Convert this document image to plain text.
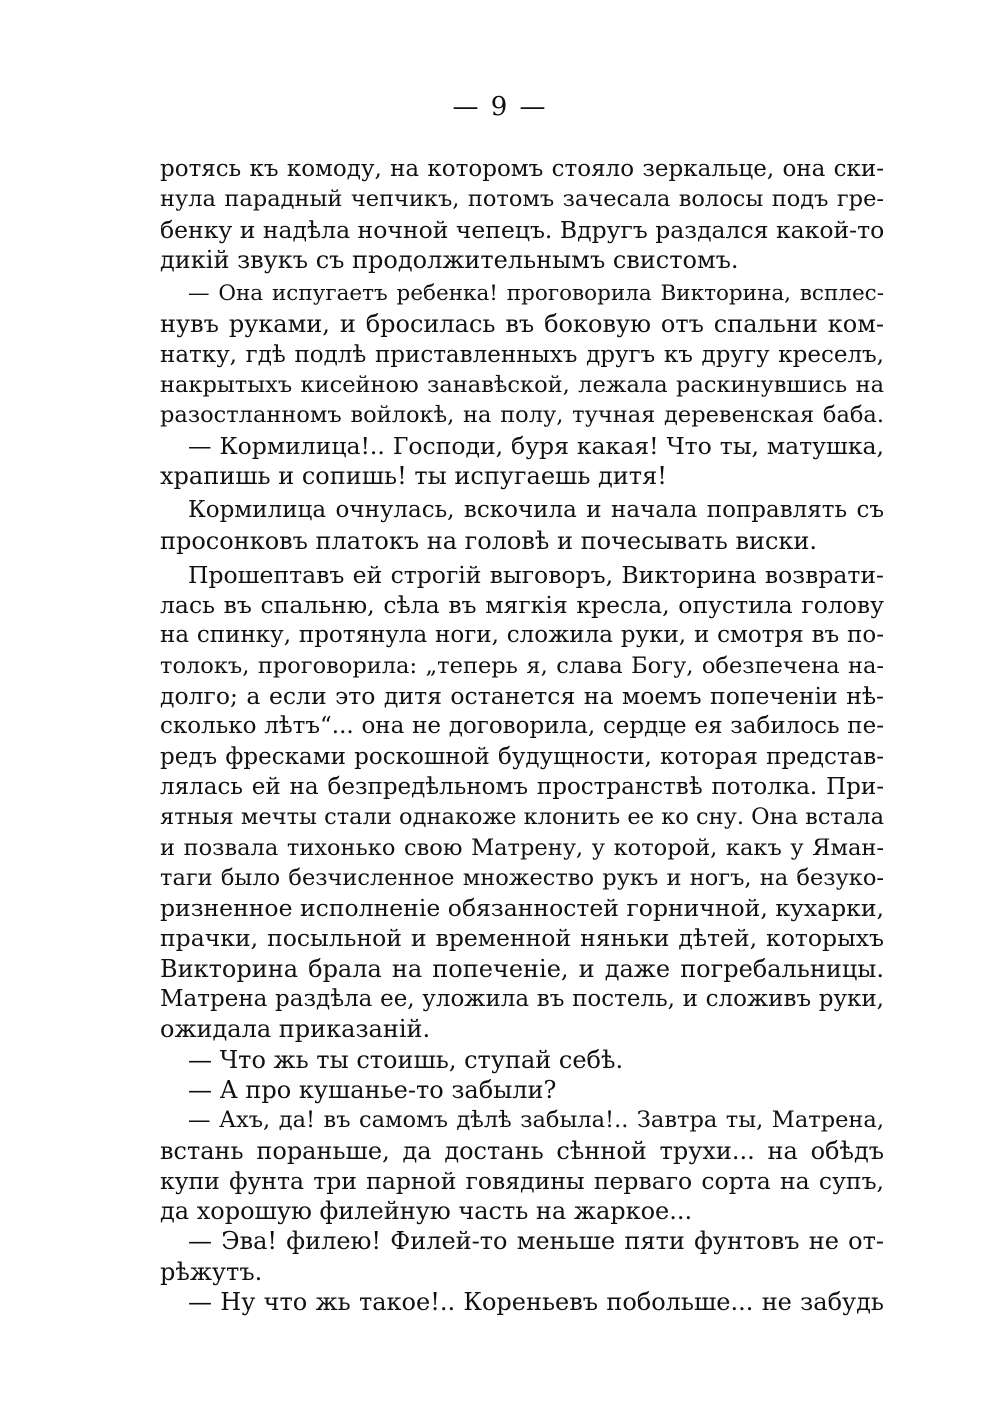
— 9 —
ротясь къ комоду, на которомъ стояло зеркальце, она ски-
нула парадный чепчикъ, потомъ зачесала волосы подъ гре-
бенку и надѣла ночной чепецъ. Вдругъ раздался какой-то
дикій звукъ съ продолжительнымъ свистомъ.
— Она испугаетъ ребенка! проговорила Викторина, всплес-
нувъ руками, и бросилась въ боковую отъ спальни ком-
натку, гдѣ подлѣ приставленныхъ другъ къ другу креселъ,
накрытыхъ кисейною занавѣской, лежала раскинувшись на
разостланномъ войлокѣ, на полу, тучная деревенская баба.
— Кормилица!.. Господи, буря какая! Что ты, матушка,
храпишь и сопишь! ты испугаешь дитя!
Кормилица очнулась, вскочила и начала поправлять съ
просонковъ платокъ на головѣ и почесывать виски.
Прошептавъ ей строгій выговоръ, Викторина возврати-
лась въ спальню, сѣла въ мягкія кресла, опустила голову
на спинку, протянула ноги, сложила руки, и смотря въ по-
толокъ, проговорила: „теперь я, слава Богу, обезпечена на-
долго; а если это дитя останется на моемъ попеченіи нѣ-
сколько лѣтъ“... она не договорила, сердце ея забилось пе-
редъ фресками роскошной будущности, которая представ-
лялась ей на безпредѣльномъ пространствѣ потолка. При-
ятныя мечты стали однакоже клонить ее ко сну. Она встала
и позвала тихонько свою Матрену, у которой, какъ у Яман-
таги было безчисленное множество рукъ и ногъ, на безуко-
ризненное исполненіе обязанностей горничной, кухарки,
прачки, посыльной и временной няньки дѣтей, которыхъ
Викторина брала на попеченіе, и даже погребальницы.
Матрена раздѣла ее, уложила въ постель, и сложивъ руки,
ожидала приказаній.
— Что жь ты стоишь, ступай себѣ.
— А про кушанье-то забыли?
— Ахъ, да! въ самомъ дѣлѣ забыла!.. Завтра ты, Матрена,
встань пораньше, да достань сѣнной трухи... на обѣдъ
купи фунта три парной говядины перваго сорта на супъ,
да хорошую филейную часть на жаркое...
— Эва! филею! Филей-то меньше пяти фунтовъ не от-
рѣжутъ.
— Ну что жь такое!.. Кореньевъ побольше... не забудь
